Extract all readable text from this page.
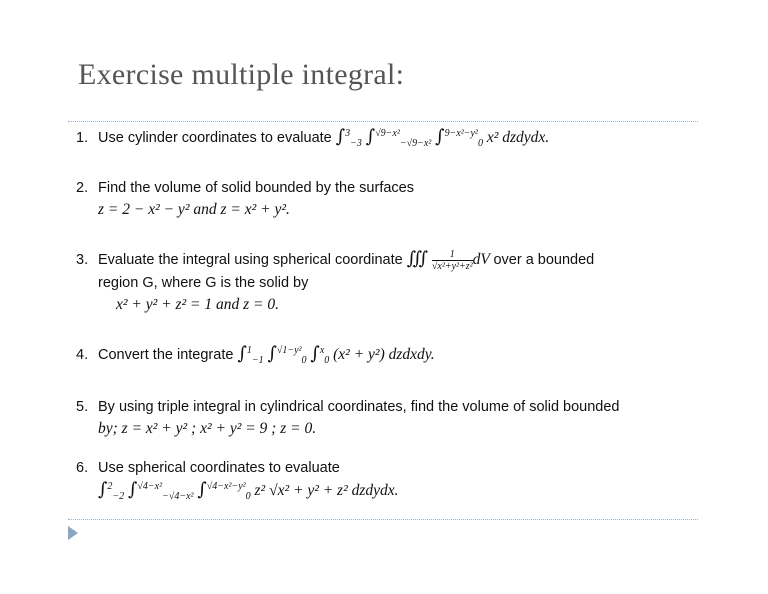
Exercise multiple integral:
1. Use cylinder coordinates to evaluate ∫$^3_{-3}$ ∫$^{√9-x^2}_{-√9-x^2}$ ∫$^{9-x^2-y^2}_0$ x² dzdydx.
2. Find the volume of solid bounded by the surfaces
z = 2 − x² − y² and z = x² + y².
3. Evaluate the integral using spherical coordinate ∭ $\frac{1}{\text{√x²+y²+z²}}$ dV over a bounded
region G, where G is the solid by
x² + y² + z² = 1 and z = 0.
4. Convert the integrate ∫$^1_{-1}$ ∫$^{√1-y^2}_0$ ∫$^x_0$ (x² + y²) dzdxdy.
5. By using triple integral in cylindrical coordinates, find the volume of solid bounded
by; z = x² + y² ; x² + y² = 9 ; z = 0.
6. Use spherical coordinates to evaluate
∫$^2_{-2}$ ∫$^{√4-x^2}_{-√4-x^2}$ ∫$^{√4-x^2-y^2}_0$ z² √x² + y² + z² dzdydx.
